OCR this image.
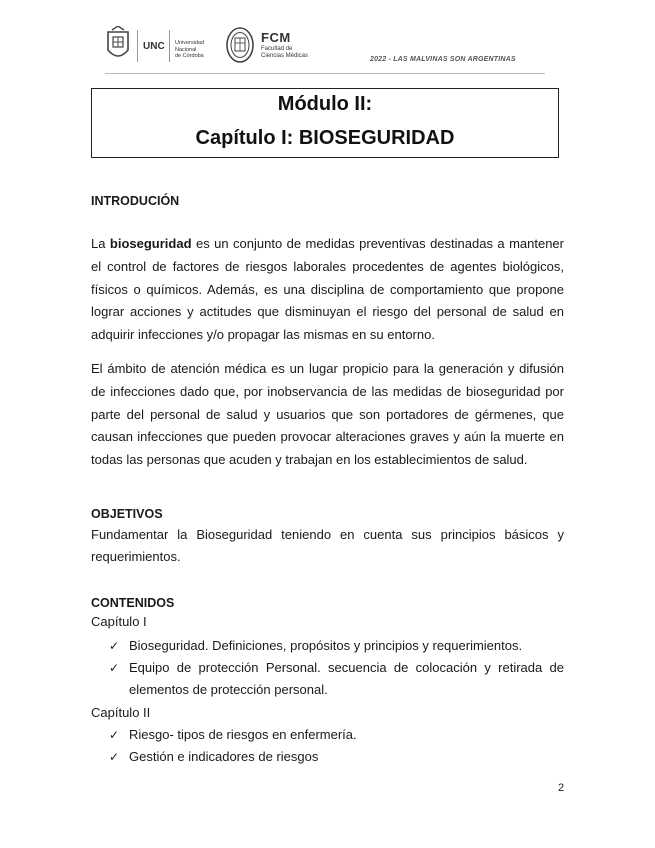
UNC Universidad
Nacional
de Córdoba
FCM
Facultad de
Ciencias Médicas	2022 - LAS MALVINAS SON ARGENTINAS
Módulo II:
Capítulo I: BIOSEGURIDAD
INTRODUCIÓN
La bioseguridad es un conjunto de medidas preventivas destinadas a mantener el control de factores de riesgos laborales procedentes de agentes biológicos, físicos o químicos. Además, es una disciplina de comportamiento que propone lograr acciones y actitudes que disminuyan el riesgo del personal de salud en adquirir infecciones y/o propagar las mismas en su entorno.
El ámbito de atención médica es un lugar propicio para la generación y difusión de infecciones dado que, por inobservancia de las medidas de bioseguridad por parte del personal de salud y usuarios que son portadores de gérmenes, que causan infecciones que pueden provocar alteraciones graves y aún la muerte en todas las personas que acuden y trabajan en los establecimientos de salud.
OBJETIVOS
Fundamentar la Bioseguridad teniendo en cuenta sus principios básicos y requerimientos.
CONTENIDOS
Capítulo I
✓ Bioseguridad. Definiciones, propósitos y principios y requerimientos.
✓ Equipo de protección Personal. secuencia de colocación y retirada de elementos de protección personal.
Capítulo II
✓ Riesgo- tipos de riesgos en enfermería.
✓ Gestión e indicadores de riesgos
2
